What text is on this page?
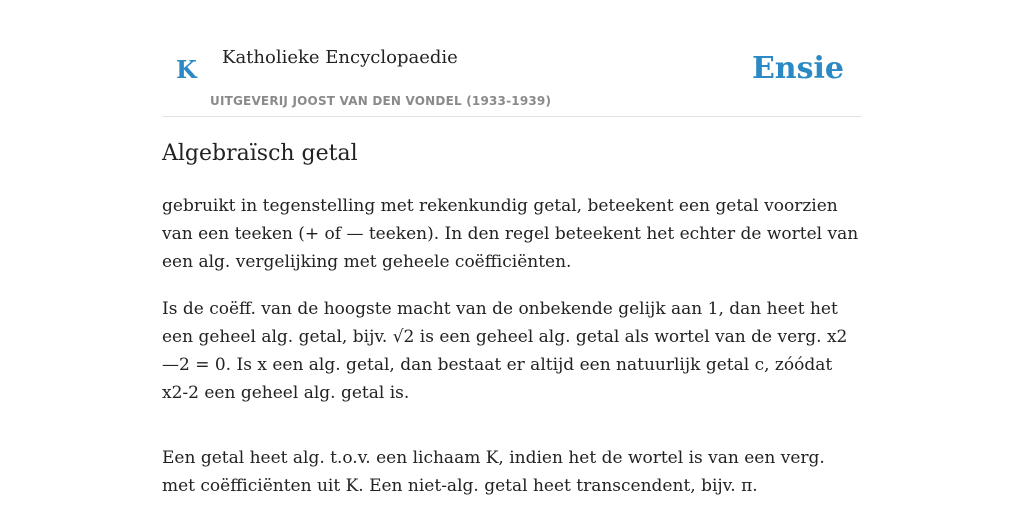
K Katholieke Encyclopaedie
UITGEVERIJ JOOST VAN DEN VONDEL (1933-1939)
Ensie
Algebraïsch getal

gebruikt in tegenstelling met rekenkundig getal, beteekent een getal voorzien van een teeken (+ of — teeken). In den regel beteekent het echter de wortel van een alg. vergelijking met geheele coëfficiënten.

Is de coëff. van de hoogste macht van de onbekende gelijk aan 1, dan heet het een geheel alg. getal, bijv. √2 is een geheel alg. getal als wortel van de verg. x2—2 = 0. Is x een alg. getal, dan bestaat er altijd een natuurlijk getal c, zóódat x2-2 een geheel alg. getal is.

Een getal heet alg. t.o.v. een lichaam K, indien het de wortel is van een verg. met coëfficiënten uit K. Een niet-alg. getal heet transcendent, bijv. π.
